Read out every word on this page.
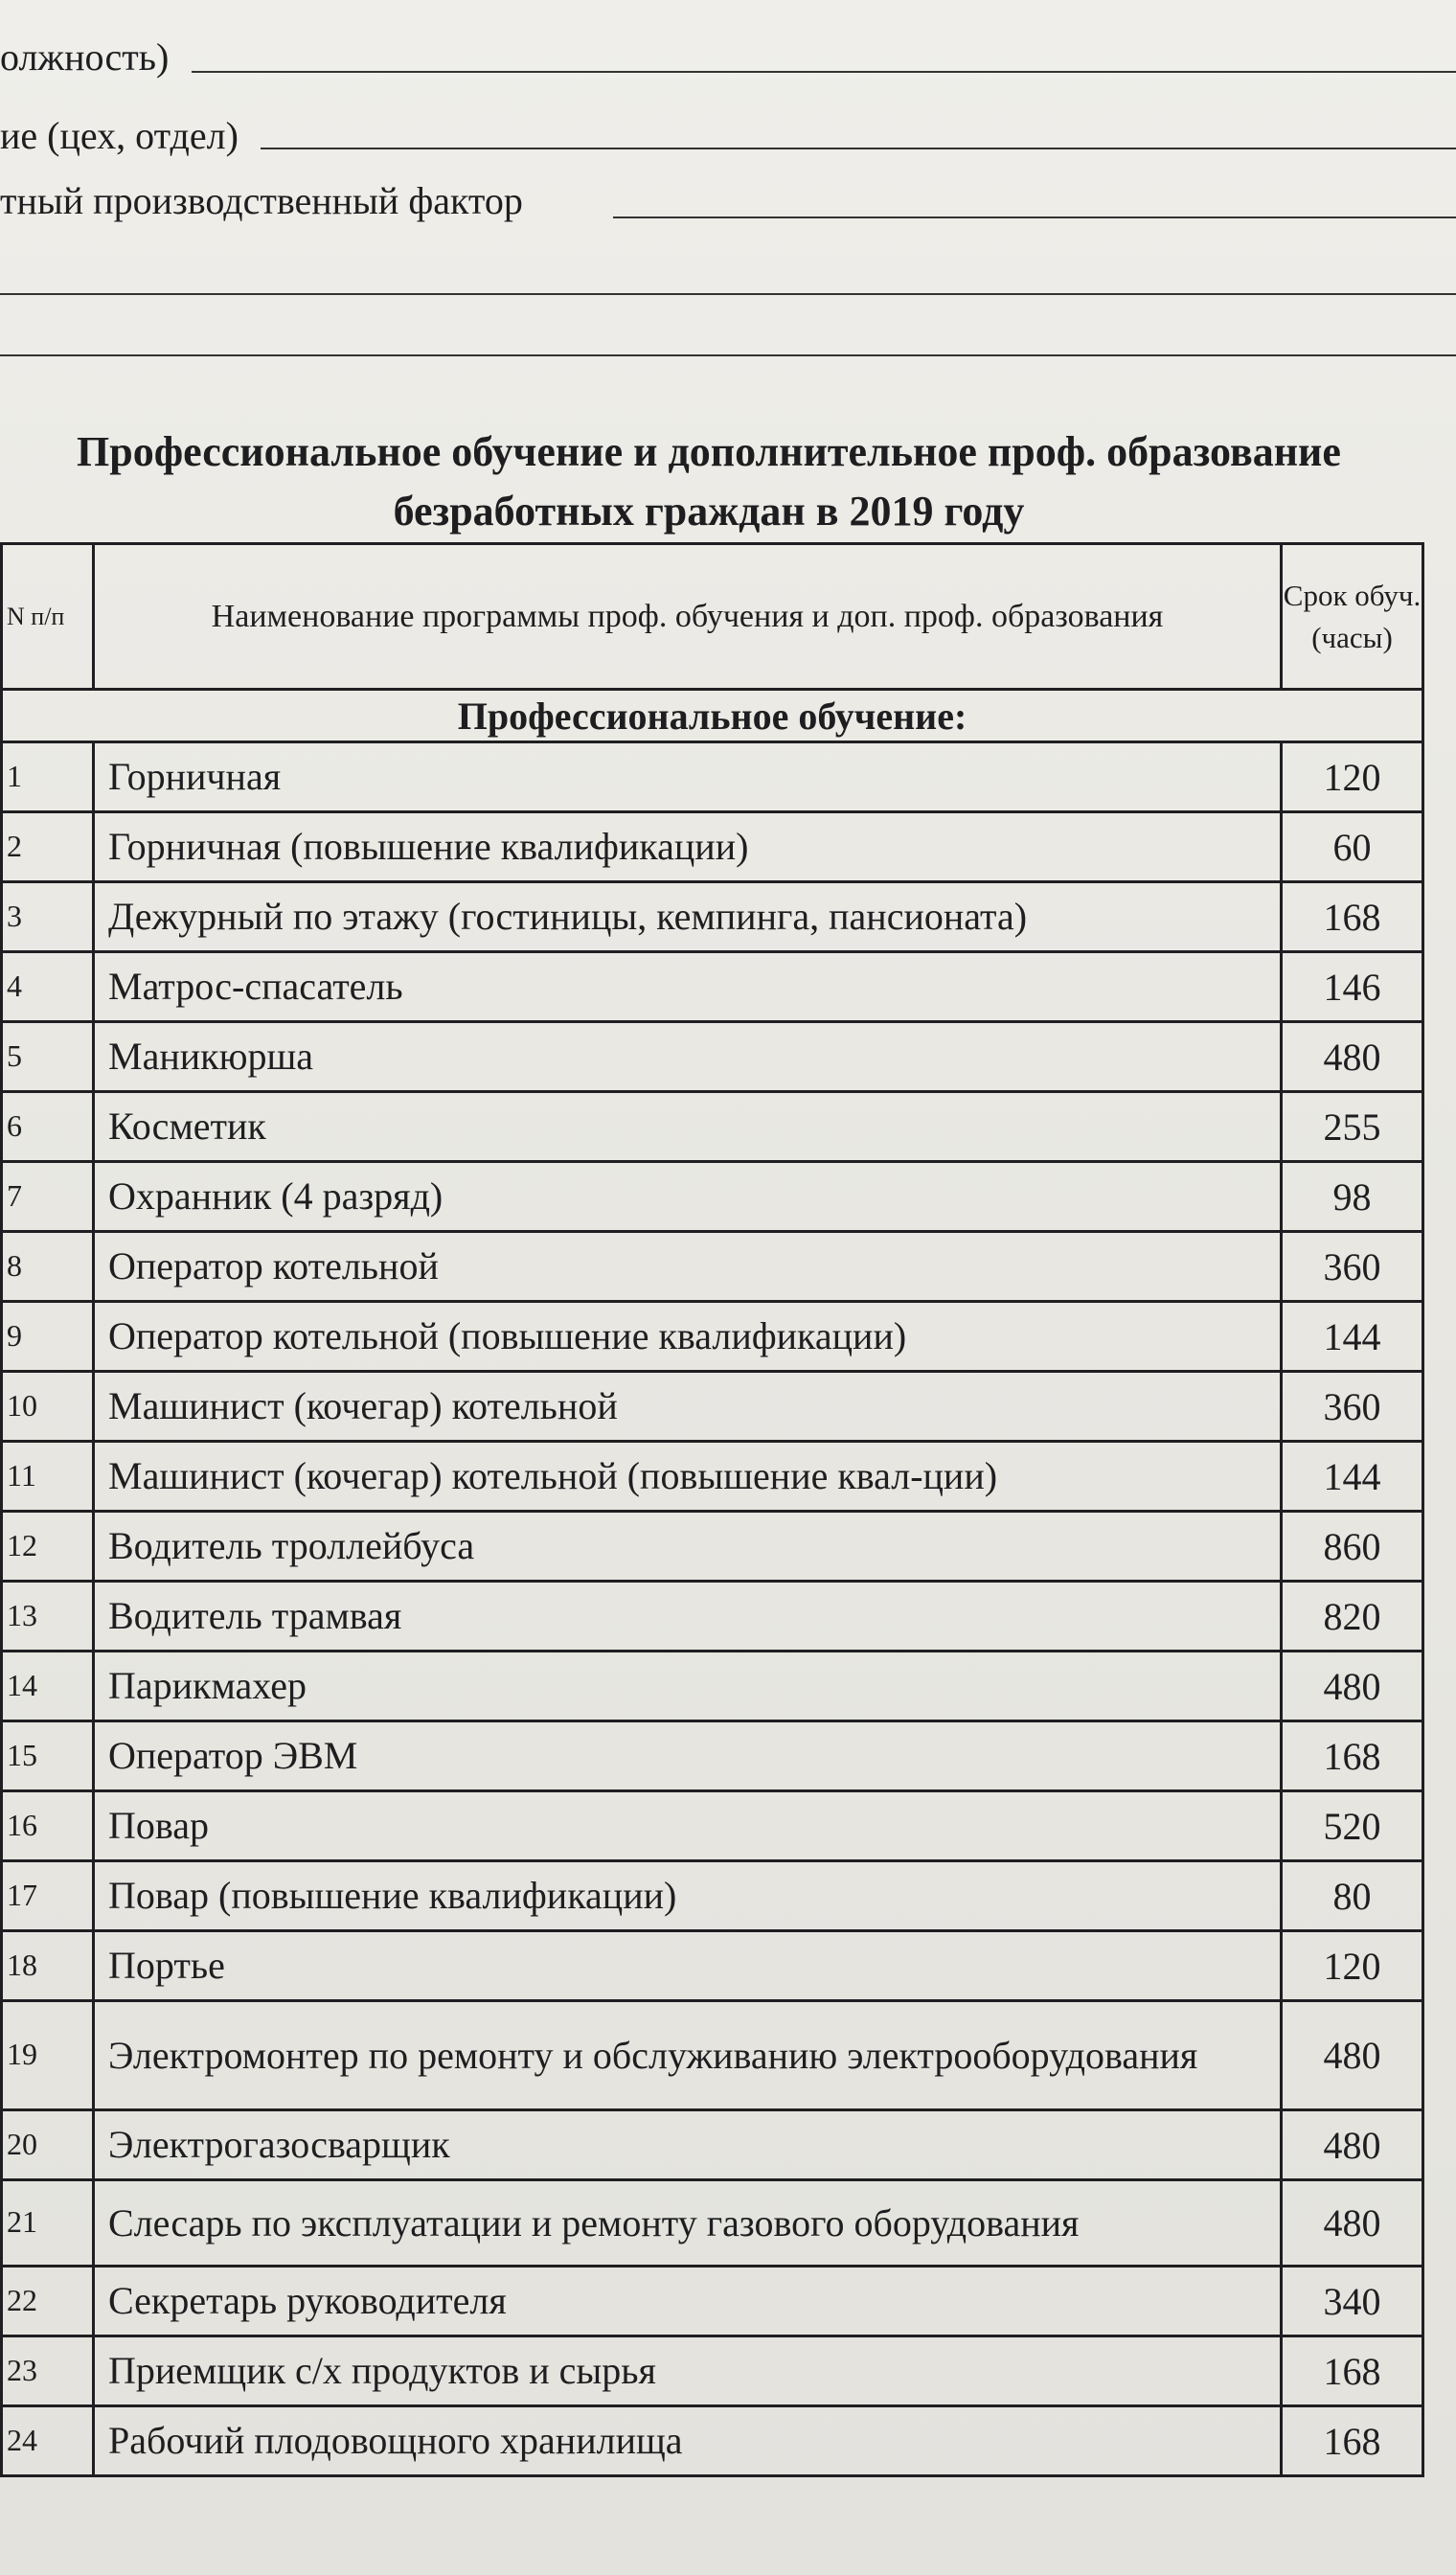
олжность)
ие (цех, отдел)
тный производственный фактор
Профессиональное обучение и дополнительное проф. образование
безработных граждан в 2019 году
N п/п	Наименование программы проф. обучения и доп. проф. образования	Срок обуч. (часы)
Профессиональное обучение:		
1	Горничная	120
2	Горничная (повышение квалификации)	60
3	Дежурный по этажу (гостиницы, кемпинга, пансионата)	168
4	Матрос-спасатель	146
5	Маникюрша	480
6	Косметик	255
7	Охранник (4 разряд)	98
8	Оператор котельной	360
9	Оператор котельной (повышение квалификации)	144
10	Машинист (кочегар) котельной	360
11	Машинист (кочегар) котельной (повышение квал-ции)	144
12	Водитель троллейбуса	860
13	Водитель трамвая	820
14	Парикмахер	480
15	Оператор ЭВМ	168
16	Повар	520
17	Повар (повышение квалификации)	80
18	Портье	120
19	Электромонтер по ремонту и обслуживанию электрооборудования	480
20	Электрогазосварщик	480
21	Слесарь по эксплуатации и ремонту газового оборудования	480
22	Секретарь руководителя	340
23	Приемщик с/х продуктов и сырья	168
24	Рабочий плодовощного хранилища	168
